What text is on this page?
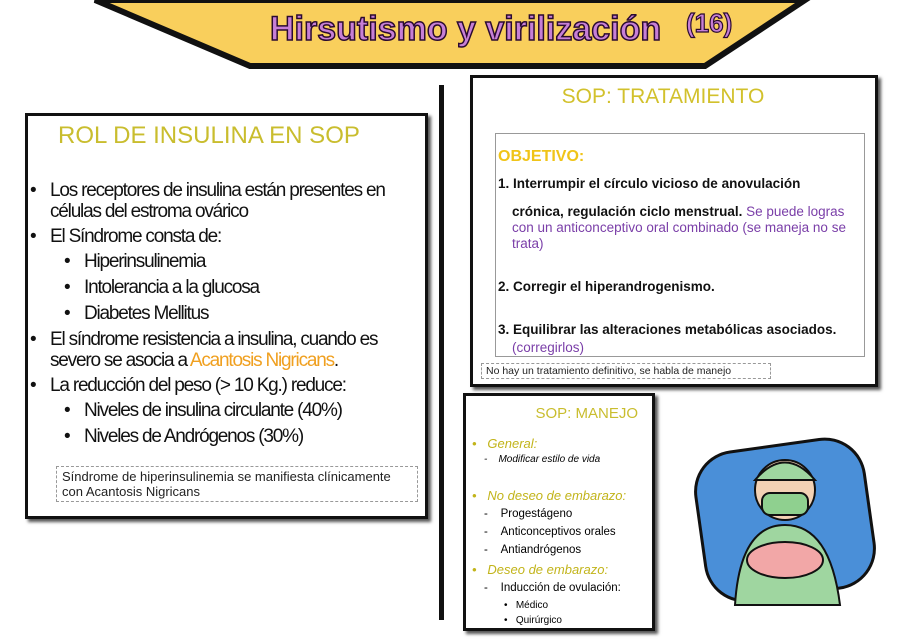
Hirsutismo y virilización (16)
ROL DE INSULINA EN SOP
• Los receptores de insulina están presentes en células del estroma ovárico
• El Síndrome consta de:
• Hiperinsulinemia
• Intolerancia a la glucosa
• Diabetes Mellitus
• El síndrome resistencia a insulina, cuando es severo se asocia a Acantosis Nigricans.
• La reducción del peso (> 10 Kg.) reduce:
• Niveles de insulina circulante (40%)
• Niveles de Andrógenos (30%)
Síndrome de hiperinsulinemia se manifiesta clínicamente con Acantosis Nigricans
SOP: TRATAMIENTO
OBJETIVO:
1. Interrumpir el círculo vicioso de anovulación
crónica, regulación ciclo menstrual. Se puede logras con un anticonceptivo oral combinado (se maneja no se trata)
2. Corregir el hiperandrogenismo.
3. Equilibrar las alteraciones metabólicas asociados.
(corregirlos)
No hay un tratamiento definitivo, se habla de manejo
SOP: MANEJO
•   General:
-    Modificar estilo de vida
•   No deseo de embarazo:
-    Progestágeno
-    Anticonceptivos orales
-    Antiandrógenos
•   Deseo de embarazo:
-    Inducción de ovulación:
•   Médico
•   Quirúrgico
